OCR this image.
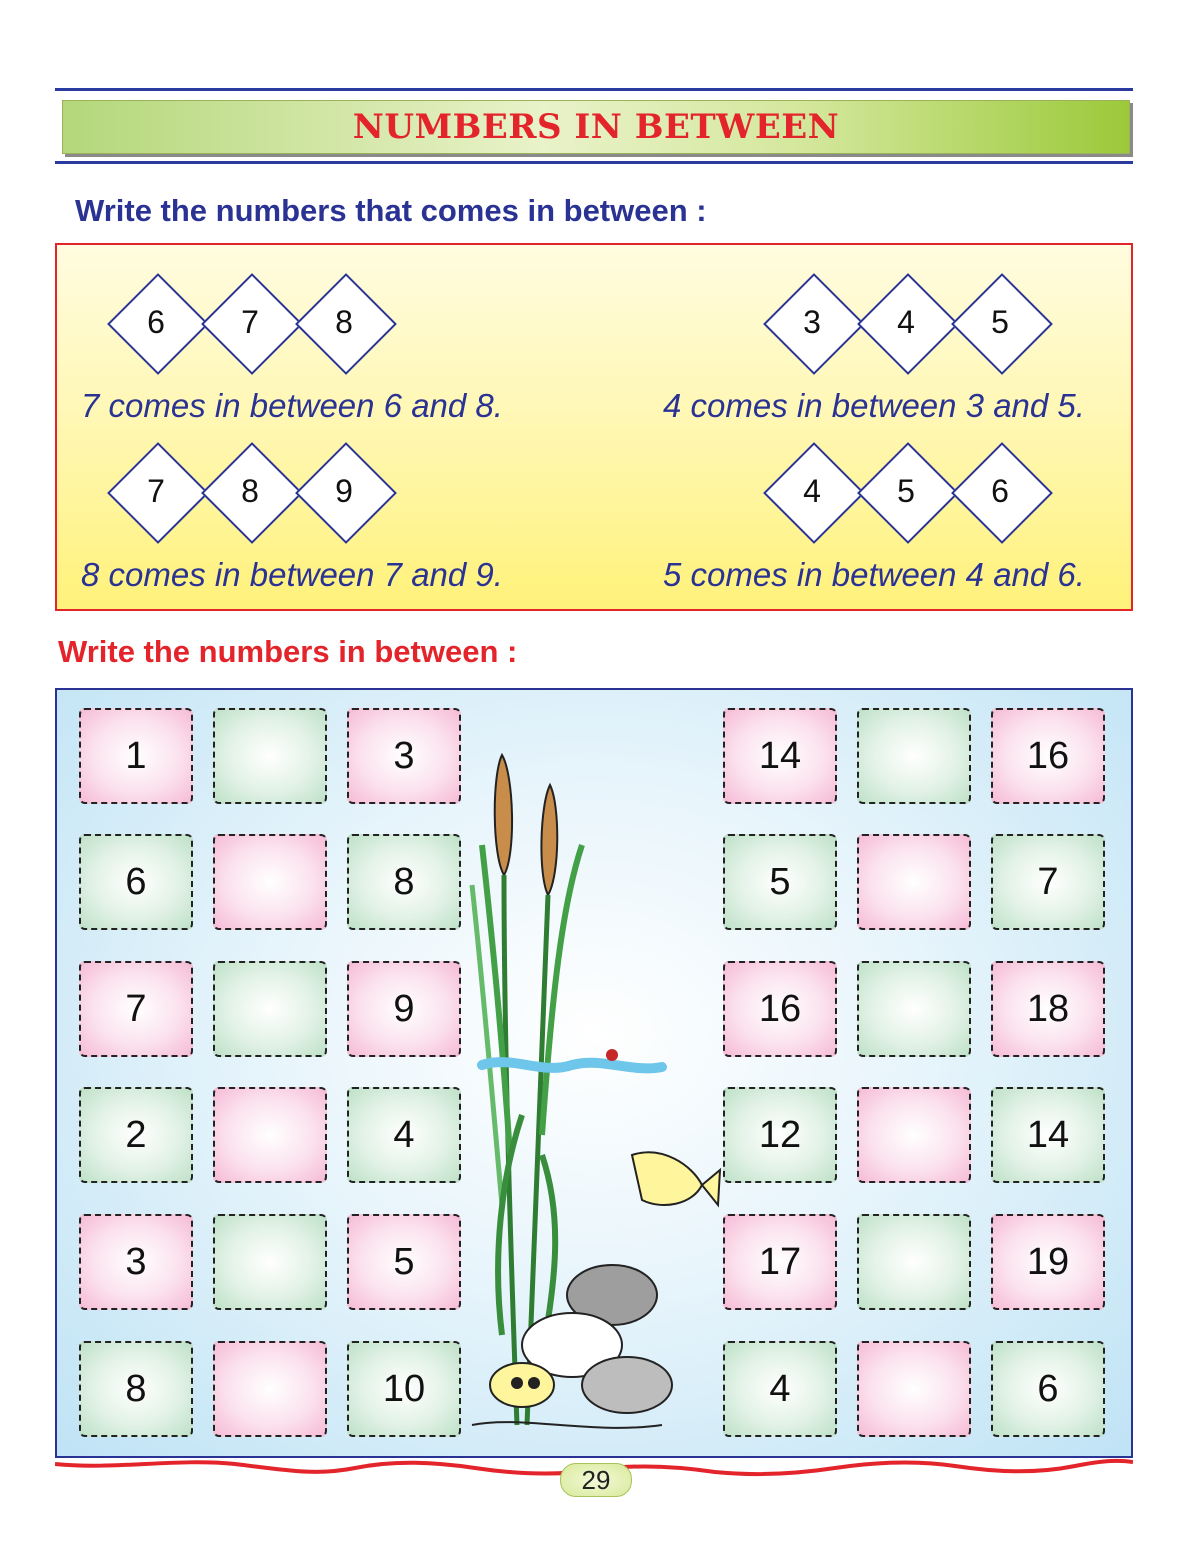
NUMBERS IN BETWEEN
Write the numbers that comes in between :
6	7	8
7 comes in between 6 and 8.
3	4	5
4 comes in between 3 and 5.
7	8	9
8 comes in between 7 and 9.
4	5	6
5 comes in between 4 and 6.
Write the numbers in between :
1	3
6	8
7	9
2	4
3	5
8	10
14	16
5	7
16	18
12	14
17	19
4	6
29
